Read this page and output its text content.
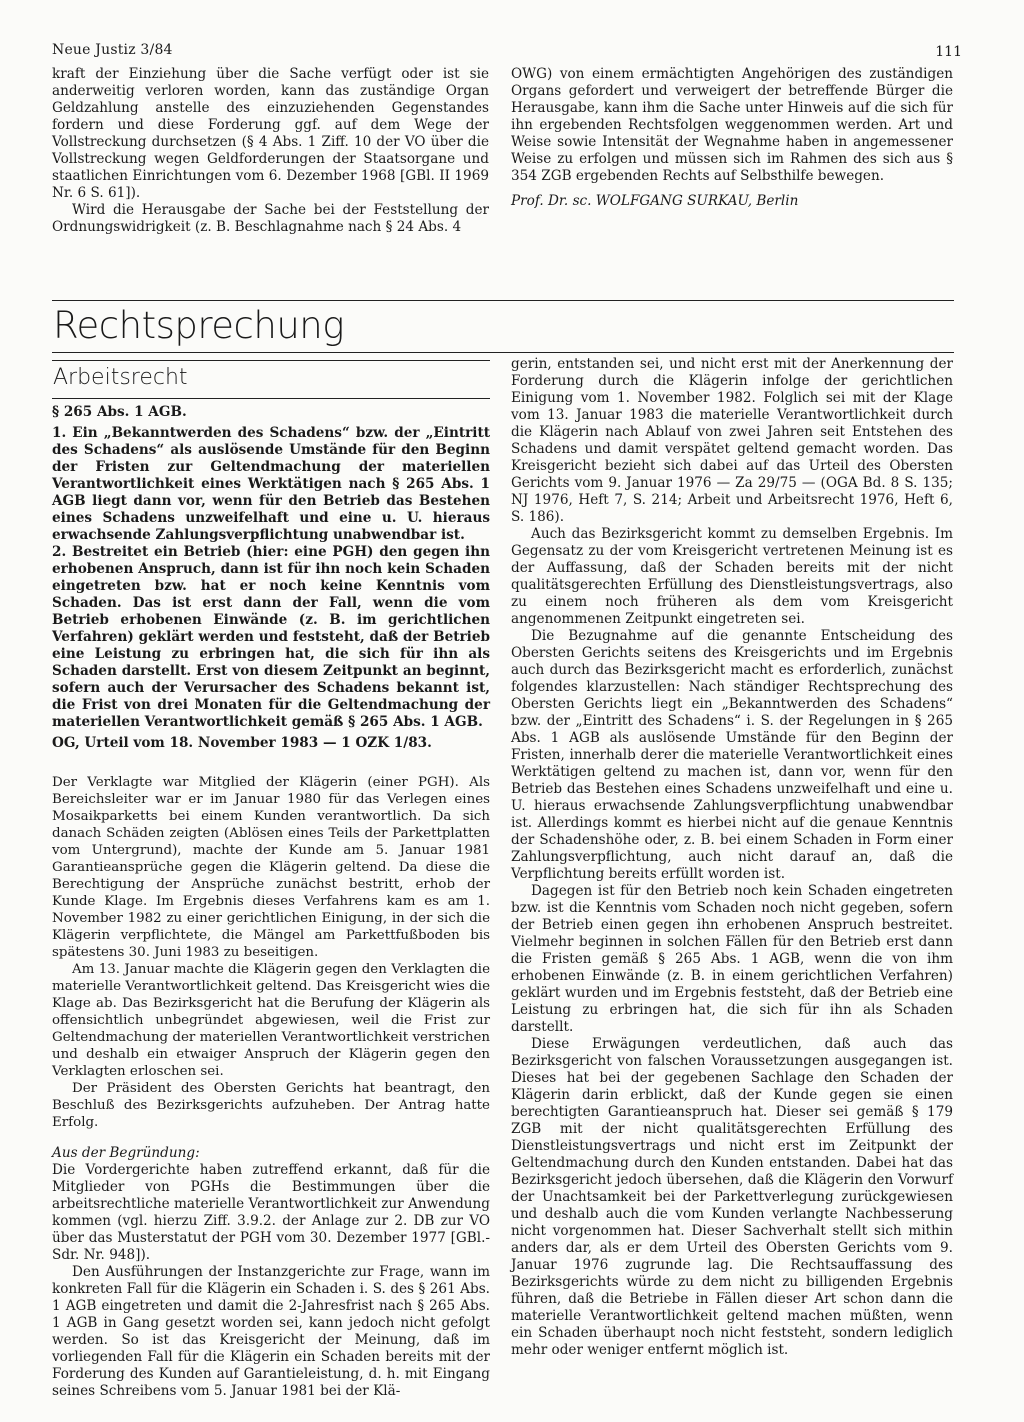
Neue Justiz 3/84	111

kraft der Einziehung über die Sache verfügt oder ist sie anderweitig verloren worden, kann das zuständige Organ Geldzahlung anstelle des einzuziehenden Gegenstandes fordern und diese Forderung ggf. auf dem Wege der Vollstreckung durchsetzen (§ 4 Abs. 1 Ziff. 10 der VO über die Vollstreckung wegen Geldforderungen der Staatsorgane und staatlichen Einrichtungen vom 6. Dezember 1968 [GBl. II 1969 Nr. 6 S. 61]).

Wird die Herausgabe der Sache bei der Feststellung der Ordnungswidrigkeit (z. B. Beschlagnahme nach § 24 Abs. 4

OWG) von einem ermächtigten Angehörigen des zuständigen Organs gefordert und verweigert der betreffende Bürger die Herausgabe, kann ihm die Sache unter Hinweis auf die sich für ihn ergebenden Rechtsfolgen weggenommen werden. Art und Weise sowie Intensität der Wegnahme haben in angemessener Weise zu erfolgen und müssen sich im Rahmen des sich aus § 354 ZGB ergebenden Rechts auf Selbsthilfe bewegen.

Prof. Dr. sc. WOLFGANG SURKAU, Berlin

Rechtsprechung
Arbeitsrecht

§ 265 Abs. 1 AGB.

1. Ein „Bekanntwerden des Schadens“ bzw. der „Eintritt des Schadens“ als auslösende Umstände für den Beginn der Fristen zur Geltendmachung der materiellen Verantwortlichkeit eines Werktätigen nach § 265 Abs. 1 AGB liegt dann vor, wenn für den Betrieb das Bestehen eines Schadens unzweifelhaft und eine u. U. hieraus erwachsende Zahlungsverpflichtung unabwendbar ist.

2. Bestreitet ein Betrieb (hier: eine PGH) den gegen ihn erhobenen Anspruch, dann ist für ihn noch kein Schaden eingetreten bzw. hat er noch keine Kenntnis vom Schaden. Das ist erst dann der Fall, wenn die vom Betrieb erhobenen Einwände (z. B. im gerichtlichen Verfahren) geklärt werden und feststeht, daß der Betrieb eine Leistung zu erbringen hat, die sich für ihn als Schaden darstellt. Erst von diesem Zeitpunkt an beginnt, sofern auch der Verursacher des Schadens bekannt ist, die Frist von drei Monaten für die Geltendmachung der materiellen Verantwortlichkeit gemäß § 265 Abs. 1 AGB.

OG, Urteil vom 18. November 1983 — 1 OZK 1/83.

Der Verklagte war Mitglied der Klägerin (einer PGH). Als Bereichsleiter war er im Januar 1980 für das Verlegen eines Mosaikparketts bei einem Kunden verantwortlich. Da sich danach Schäden zeigten (Ablösen eines Teils der Parkettplatten vom Untergrund), machte der Kunde am 5. Januar 1981 Garantieansprüche gegen die Klägerin geltend. Da diese die Berechtigung der Ansprüche zunächst bestritt, erhob der Kunde Klage. Im Ergebnis dieses Verfahrens kam es am 1. November 1982 zu einer gerichtlichen Einigung, in der sich die Klägerin verpflichtete, die Mängel am Parkettfußboden bis spätestens 30. Juni 1983 zu beseitigen.

Am 13. Januar machte die Klägerin gegen den Verklagten die materielle Verantwortlichkeit geltend. Das Kreisgericht wies die Klage ab. Das Bezirksgericht hat die Berufung der Klägerin als offensichtlich unbegründet abgewiesen, weil die Frist zur Geltendmachung der materiellen Verantwortlichkeit verstrichen und deshalb ein etwaiger Anspruch der Klägerin gegen den Verklagten erloschen sei.

Der Präsident des Obersten Gerichts hat beantragt, den Beschluß des Bezirksgerichts aufzuheben. Der Antrag hatte Erfolg.

Aus der Begründung:

Die Vordergerichte haben zutreffend erkannt, daß für die Mitglieder von PGHs die Bestimmungen über die arbeitsrechtliche materielle Verantwortlichkeit zur Anwendung kommen (vgl. hierzu Ziff. 3.9.2. der Anlage zur 2. DB zur VO über das Musterstatut der PGH vom 30. Dezember 1977 [GBl.-Sdr. Nr. 948]).

Den Ausführungen der Instanzgerichte zur Frage, wann im konkreten Fall für die Klägerin ein Schaden i. S. des § 261 Abs. 1 AGB eingetreten und damit die 2-Jahresfrist nach § 265 Abs. 1 AGB in Gang gesetzt worden sei, kann jedoch nicht gefolgt werden. So ist das Kreisgericht der Meinung, daß im vorliegenden Fall für die Klägerin ein Schaden bereits mit der Forderung des Kunden auf Garantieleistung, d. h. mit Eingang seines Schreibens vom 5. Januar 1981 bei der Klä-

gerin, entstanden sei, und nicht erst mit der Anerkennung der Forderung durch die Klägerin infolge der gerichtlichen Einigung vom 1. November 1982. Folglich sei mit der Klage vom 13. Januar 1983 die materielle Verantwortlichkeit durch die Klägerin nach Ablauf von zwei Jahren seit Entstehen des Schadens und damit verspätet geltend gemacht worden. Das Kreisgericht bezieht sich dabei auf das Urteil des Obersten Gerichts vom 9. Januar 1976 — Za 29/75 — (OGA Bd. 8 S. 135; NJ 1976, Heft 7, S. 214; Arbeit und Arbeitsrecht 1976, Heft 6, S. 186).

Auch das Bezirksgericht kommt zu demselben Ergebnis. Im Gegensatz zu der vom Kreisgericht vertretenen Meinung ist es der Auffassung, daß der Schaden bereits mit der nicht qualitätsgerechten Erfüllung des Dienstleistungsvertrags, also zu einem noch früheren als dem vom Kreisgericht angenommenen Zeitpunkt eingetreten sei.

Die Bezugnahme auf die genannte Entscheidung des Obersten Gerichts seitens des Kreisgerichts und im Ergebnis auch durch das Bezirksgericht macht es erforderlich, zunächst folgendes klarzustellen: Nach ständiger Rechtsprechung des Obersten Gerichts liegt ein „Bekanntwerden des Schadens“ bzw. der „Eintritt des Schadens“ i. S. der Regelungen in § 265 Abs. 1 AGB als auslösende Umstände für den Beginn der Fristen, innerhalb derer die materielle Verantwortlichkeit eines Werktätigen geltend zu machen ist, dann vor, wenn für den Betrieb das Bestehen eines Schadens unzweifelhaft und eine u. U. hieraus erwachsende Zahlungsverpflichtung unabwendbar ist. Allerdings kommt es hierbei nicht auf die genaue Kenntnis der Schadenshöhe oder, z. B. bei einem Schaden in Form einer Zahlungsverpflichtung, auch nicht darauf an, daß die Verpflichtung bereits erfüllt worden ist.

Dagegen ist für den Betrieb noch kein Schaden eingetreten bzw. ist die Kenntnis vom Schaden noch nicht gegeben, sofern der Betrieb einen gegen ihn erhobenen Anspruch bestreitet. Vielmehr beginnen in solchen Fällen für den Betrieb erst dann die Fristen gemäß § 265 Abs. 1 AGB, wenn die von ihm erhobenen Einwände (z. B. in einem gerichtlichen Verfahren) geklärt wurden und im Ergebnis feststeht, daß der Betrieb eine Leistung zu erbringen hat, die sich für ihn als Schaden darstellt.

Diese Erwägungen verdeutlichen, daß auch das Bezirksgericht von falschen Voraussetzungen ausgegangen ist. Dieses hat bei der gegebenen Sachlage den Schaden der Klägerin darin erblickt, daß der Kunde gegen sie einen berechtigten Garantieanspruch hat. Dieser sei gemäß § 179 ZGB mit der nicht qualitätsgerechten Erfüllung des Dienstleistungsvertrags und nicht erst im Zeitpunkt der Geltendmachung durch den Kunden entstanden. Dabei hat das Bezirksgericht jedoch übersehen, daß die Klägerin den Vorwurf der Unachtsamkeit bei der Parkettverlegung zurückgewiesen und deshalb auch die vom Kunden verlangte Nachbesserung nicht vorgenommen hat. Dieser Sachverhalt stellt sich mithin anders dar, als er dem Urteil des Obersten Gerichts vom 9. Januar 1976 zugrunde lag. Die Rechtsauffassung des Bezirksgerichts würde zu dem nicht zu billigenden Ergebnis führen, daß die Betriebe in Fällen dieser Art schon dann die materielle Verantwortlichkeit geltend machen müßten, wenn ein Schaden überhaupt noch nicht feststeht, sondern lediglich mehr oder weniger entfernt möglich ist.
